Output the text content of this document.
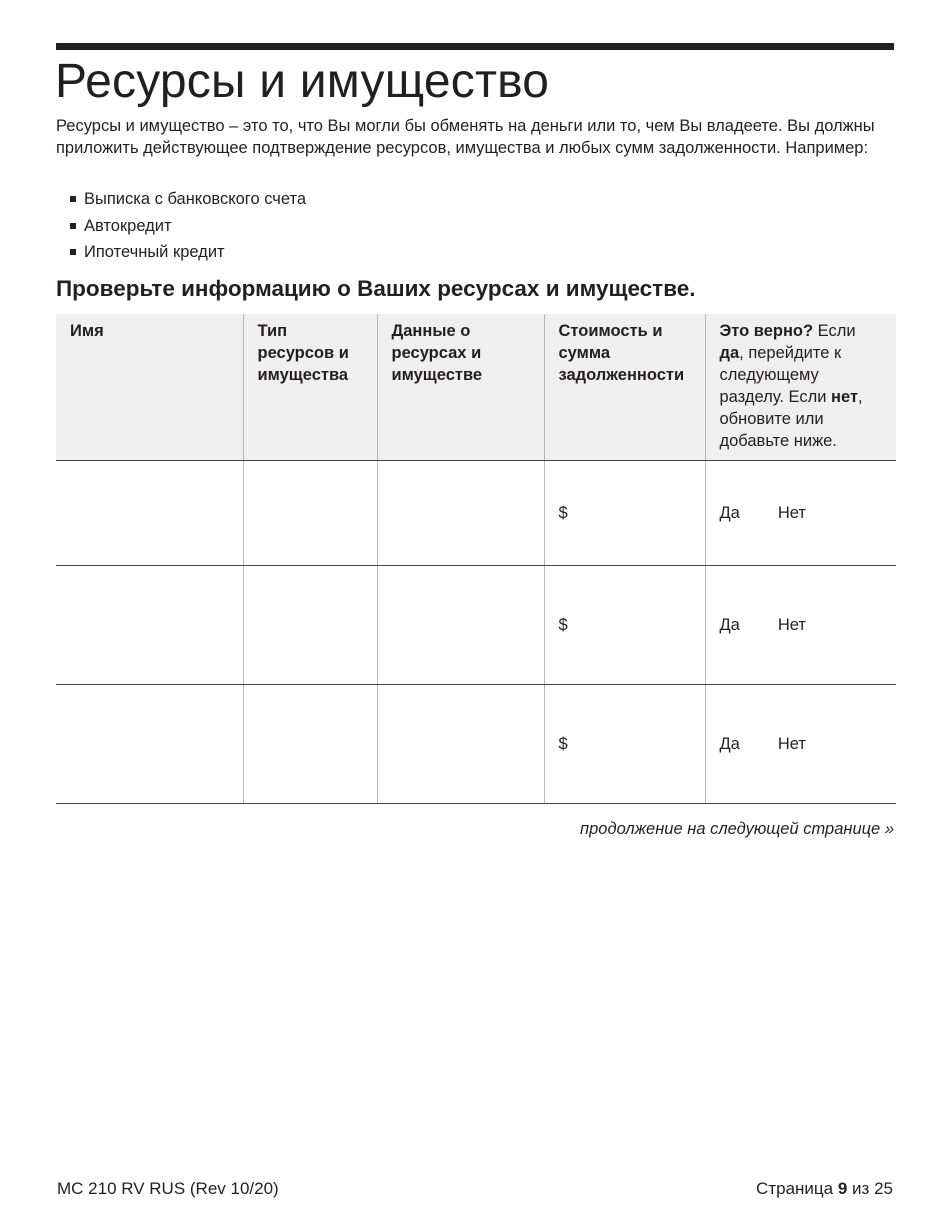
Ресурсы и имущество

Ресурсы и имущество – это то, что Вы могли бы обменять на деньги или то, чем Вы владеете. Вы должны приложить действующее подтверждение ресурсов, имущества и любых сумм задолженности. Например:

Выписка с банковского счета
Автокредит
Ипотечный кредит
Проверьте информацию о Ваших ресурсах и имуществе.
Имя	Тип ресурсов и имущества	Данные о ресурсах и имуществе	Стоимость и сумма задолженности	Это верно? Если да, перейдите к следующему разделу. Если нет, обновите или добавьте ниже.
			$	Да Нет
			$	Да Нет
			$	Да Нет

продолжение на следующей странице »

MC 210 RV RUS (Rev 10/20)	Страница 9 из 25
